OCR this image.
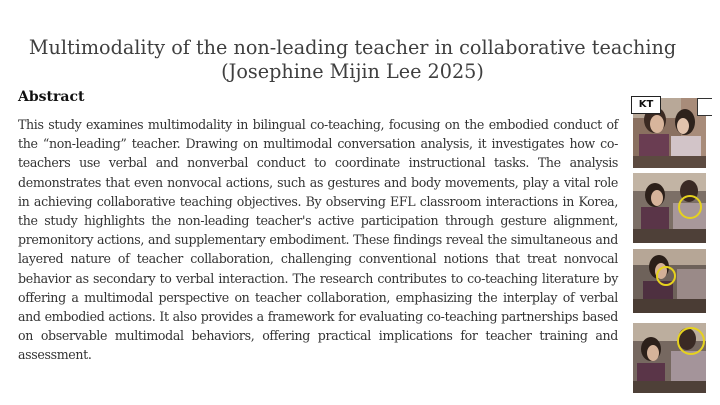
Multimodality of the non-leading teacher in collaborative teaching
(Josephine Mijin Lee 2025)
Abstract
This study examines multimodality in bilingual co-teaching, focusing on the embodied conduct of the “non-leading” teacher. Drawing on multimodal conversation analysis, it investigates how co-teachers use verbal and nonverbal conduct to coordinate instructional tasks. The analysis demonstrates that even nonvocal actions, such as gestures and body movements, play a vital role in achieving collaborative teaching objectives. By observing EFL classroom interactions in Korea, the study highlights the non-leading teacher's active participation through gesture alignment, premonitory actions, and supplementary embodiment. These findings reveal the simultaneous and layered nature of teacher collaboration, challenging conventional notions that treat nonvocal behavior as secondary to verbal interaction. The research contributes to co-teaching literature by offering a multimodal perspective on teacher collaboration, emphasizing the interplay of verbal and embodied actions. It also provides a framework for evaluating co-teaching partnerships based on observable multimodal behaviors, offering practical implications for teacher training and assessment.
KT
